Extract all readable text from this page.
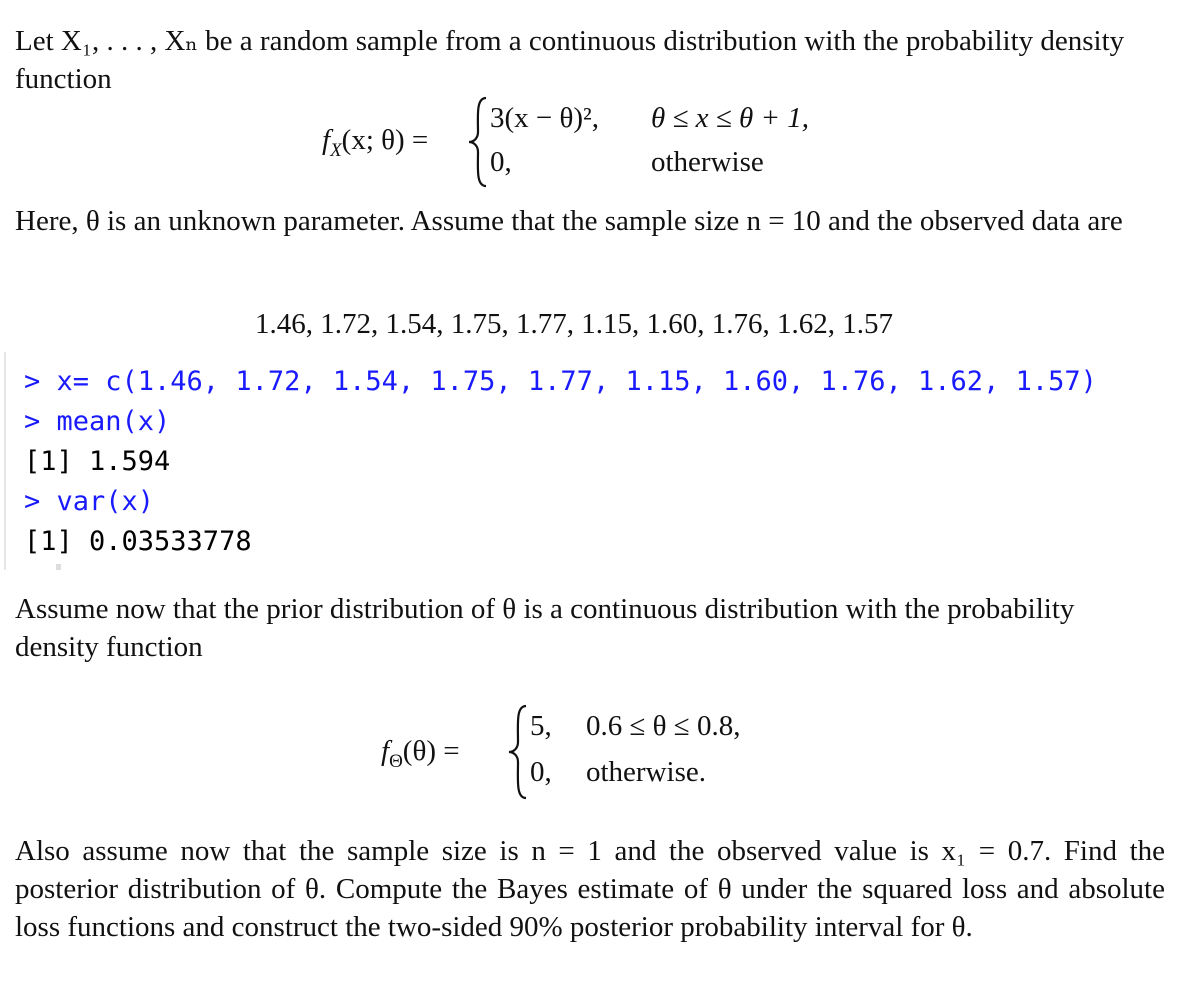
Let X₁, . . . , Xₙ be a random sample from a continuous distribution with the probability density function
$f_X(x$; θ) =
3(x − θ)², θ ≤ x ≤ θ + 1,
0,	otherwise
Here, θ is an unknown parameter. Assume that the sample size n = 10 and the observed data are
1.46, 1.72, 1.54, 1.75, 1.77, 1.15, 1.60, 1.76, 1.62, 1.57
> x= c(1.46, 1.72, 1.54, 1.75, 1.77, 1.15, 1.60, 1.76, 1.62, 1.57)
> mean(x)
[1] 1.594
> var(x)
[1] 0.03533778
Assume now that the prior distribution of θ is a continuous distribution with the probability density function
$f_\Theta(\theta)$ =
5, 0.6 ≤ θ ≤ 0.8,
0, otherwise.
Also assume now that the sample size is n = 1 and the observed value is x₁ = 0.7. Find the posterior distribution of θ. Compute the Bayes estimate of θ under the squared loss and absolute loss functions and construct the two-sided 90% posterior probability interval for θ.
